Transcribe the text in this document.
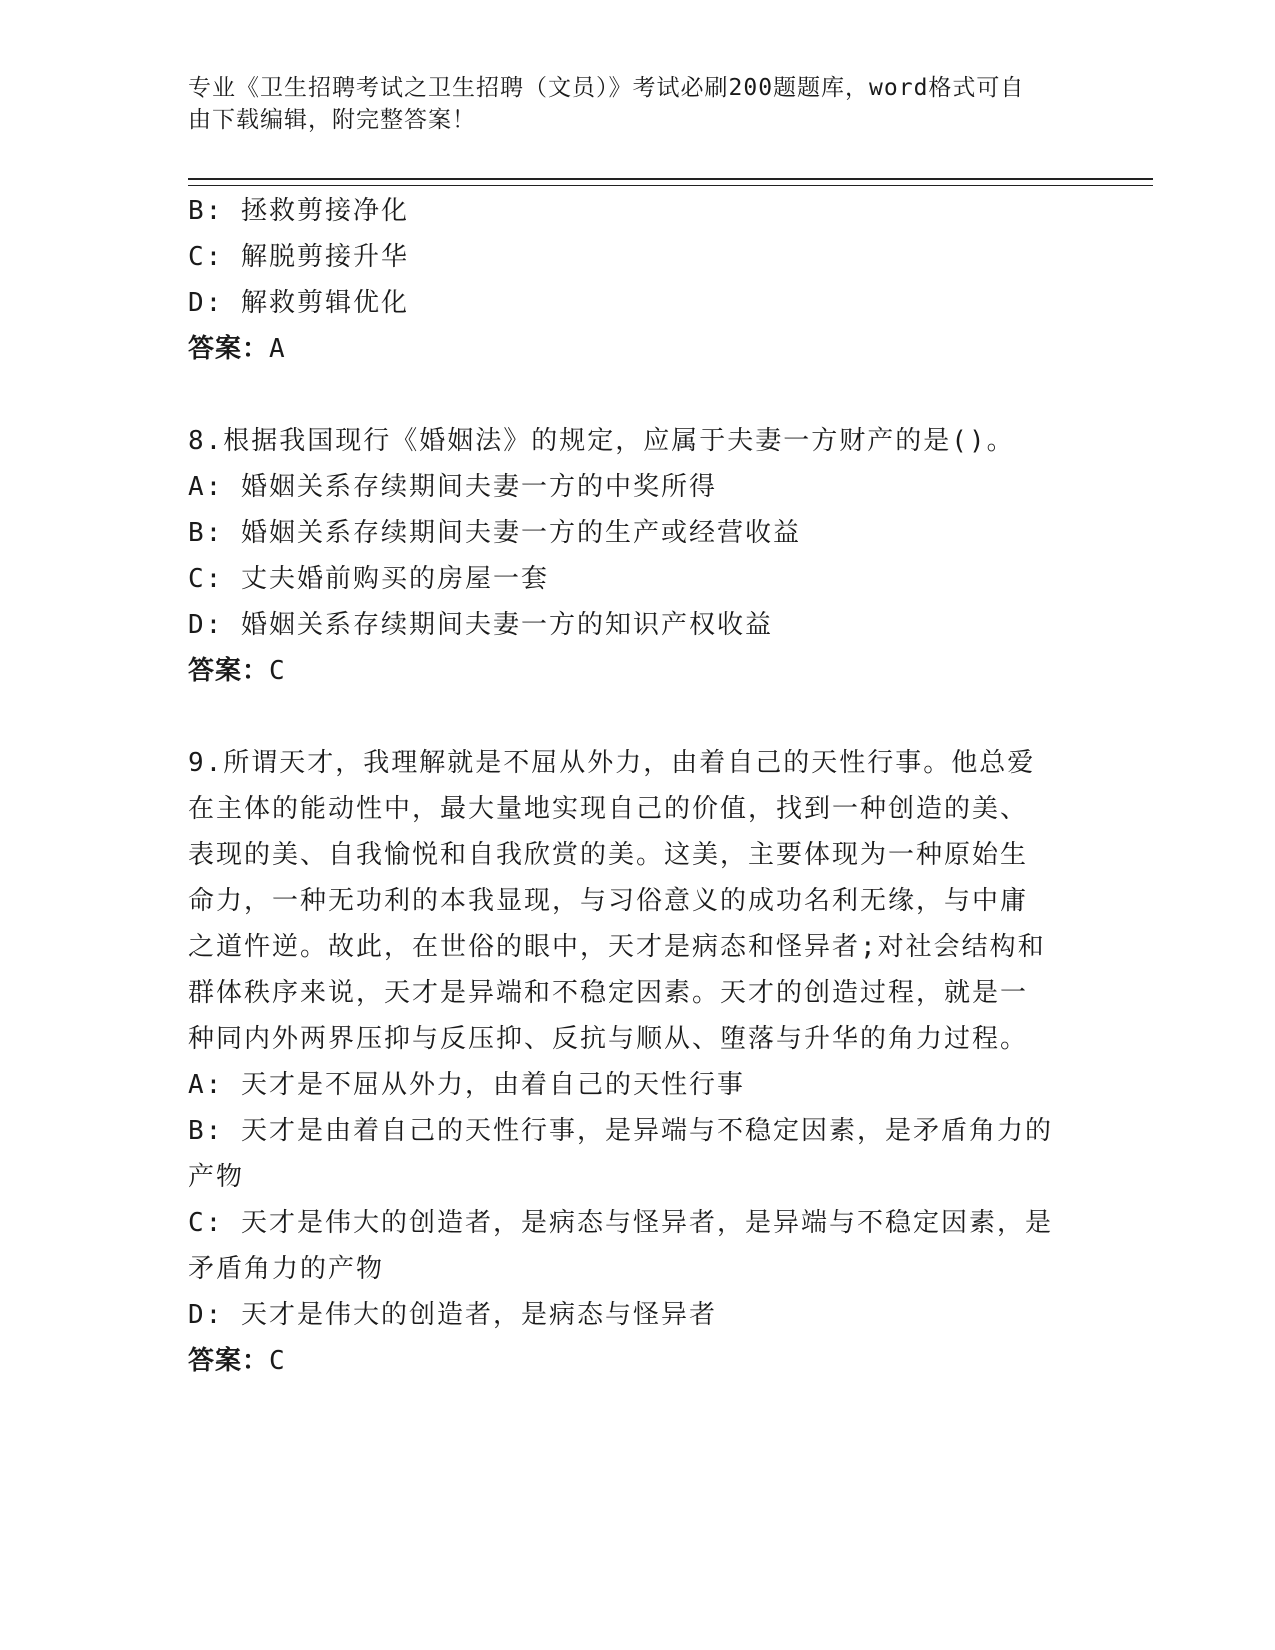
专业《卫生招聘考试之卫生招聘（文员）》考试必刷200题题库，word格式可自
由下载编辑，附完整答案！

B: 拯救剪接净化

C: 解脱剪接升华

D: 解救剪辑优化

答案：A

8.根据我国现行《婚姻法》的规定，应属于夫妻一方财产的是()。

A: 婚姻关系存续期间夫妻一方的中奖所得

B: 婚姻关系存续期间夫妻一方的生产或经营收益

C: 丈夫婚前购买的房屋一套

D: 婚姻关系存续期间夫妻一方的知识产权收益

答案：C

9.所谓天才，我理解就是不屈从外力，由着自己的天性行事。他总爱

在主体的能动性中，最大量地实现自己的价值，找到一种创造的美、

表现的美、自我愉悦和自我欣赏的美。这美，主要体现为一种原始生

命力，一种无功利的本我显现，与习俗意义的成功名利无缘，与中庸

之道忤逆。故此，在世俗的眼中，天才是病态和怪异者;对社会结构和

群体秩序来说，天才是异端和不稳定因素。天才的创造过程，就是一

种同内外两界压抑与反压抑、反抗与顺从、堕落与升华的角力过程。

A: 天才是不屈从外力，由着自己的天性行事

B: 天才是由着自己的天性行事，是异端与不稳定因素，是矛盾角力的

产物

C: 天才是伟大的创造者，是病态与怪异者，是异端与不稳定因素，是

矛盾角力的产物

D: 天才是伟大的创造者，是病态与怪异者

答案：C
